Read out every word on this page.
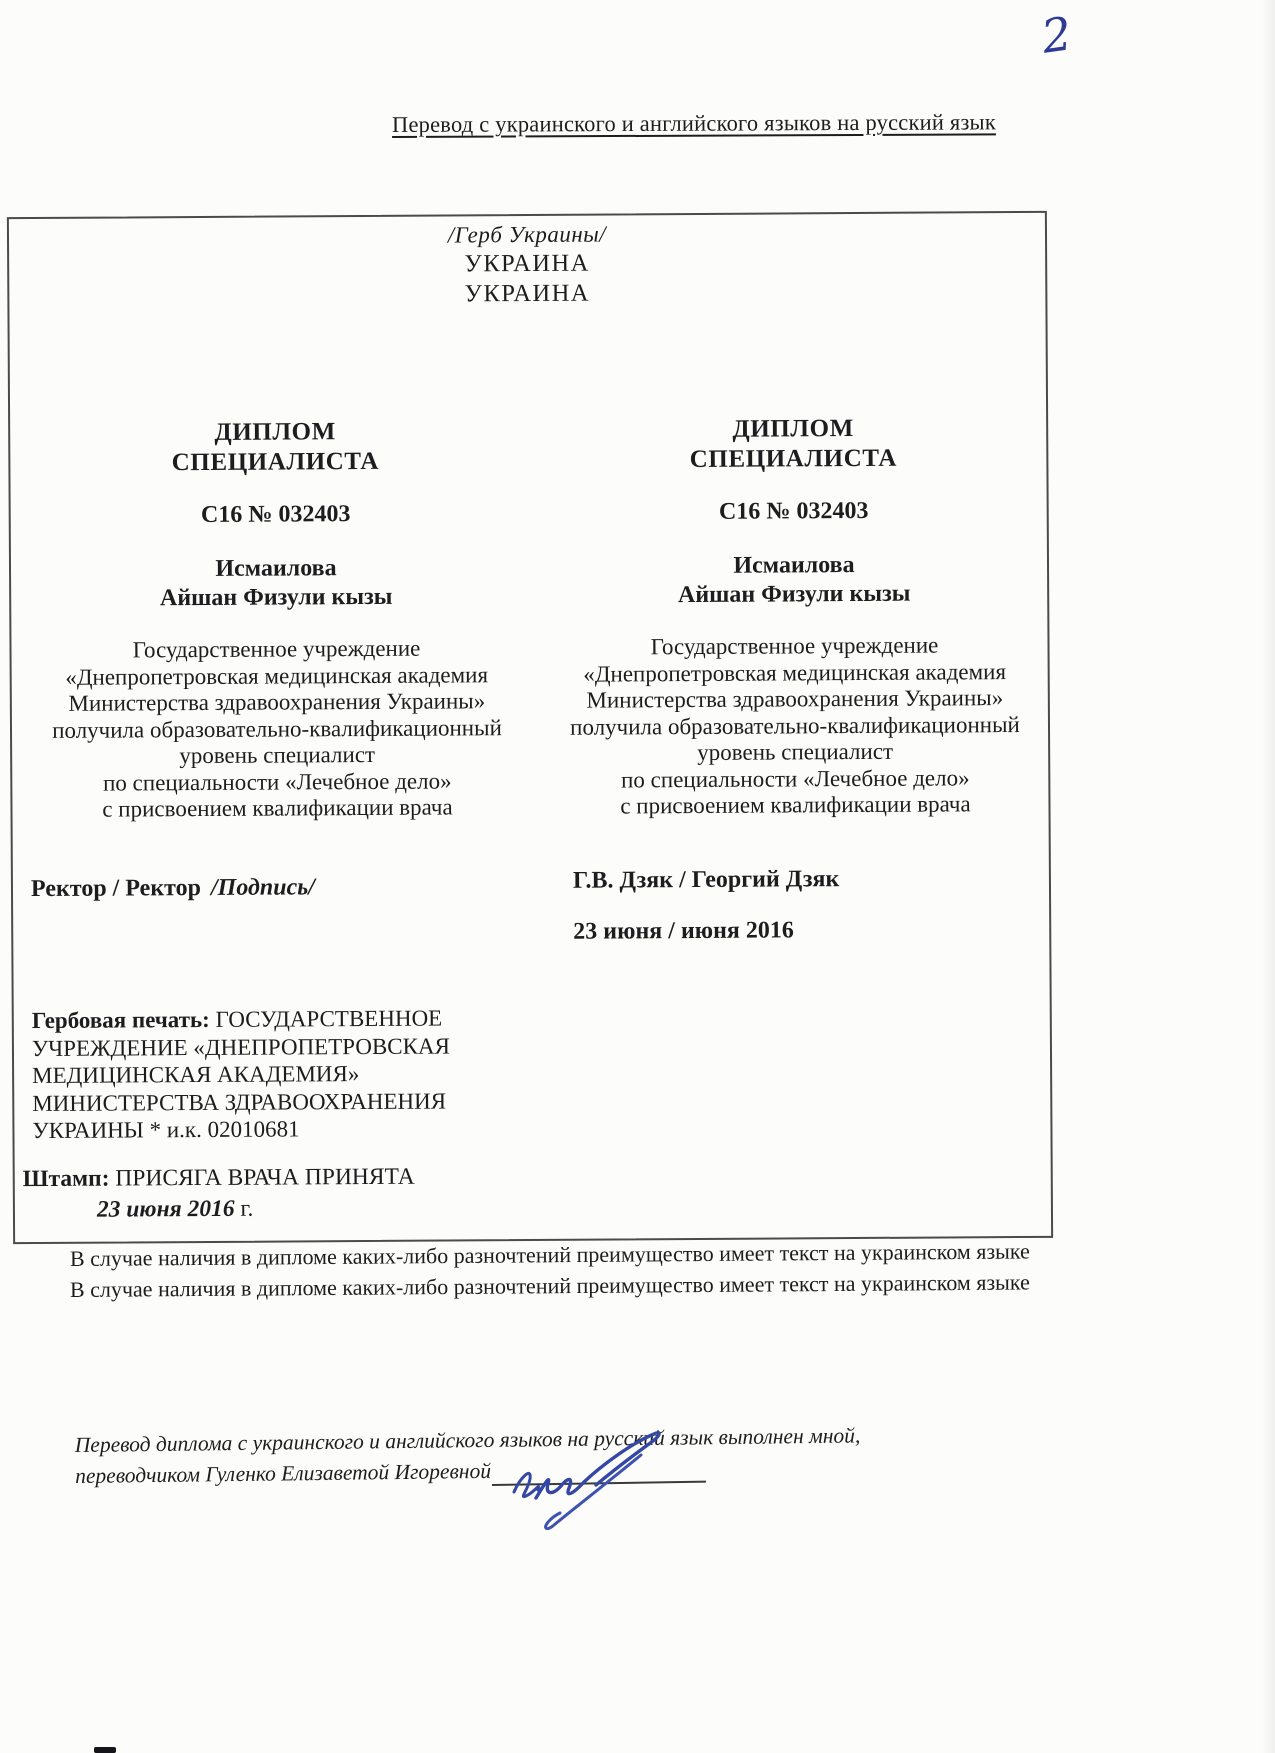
2
Перевод с украинского и английского языков на русский язык
/Герб Украины/
УКРАИНА
УКРАИНА
ДИПЛОМ
СПЕЦИАЛИСТА
С16 № 032403
Исмаилова
Айшан Физули кызы
Государственное учреждение
«Днепропетровская медицинская академия
Министерства здравоохранения Украины»
получила образовательно-квалификационный
уровень специалист
по специальности «Лечебное дело»
с присвоением квалификации врача
Ректор / Ректор /Подпись/
ДИПЛОМ
СПЕЦИАЛИСТА
С16 № 032403
Исмаилова
Айшан Физули кызы
Государственное учреждение
«Днепропетровская медицинская академия
Министерства здравоохранения Украины»
получила образовательно-квалификационный
уровень специалист
по специальности «Лечебное дело»
с присвоением квалификации врача
Г.В. Дзяк / Георгий Дзяк
23 июня / июня 2016
Гербовая печать: ГОСУДАРСТВЕННОЕ УЧРЕЖДЕНИЕ «ДНЕПРОПЕТРОВСКАЯ МЕДИЦИНСКАЯ АКАДЕМИЯ» МИНИСТЕРСТВА ЗДРАВООХРАНЕНИЯ УКРАИНЫ * и.к. 02010681
Штамп: ПРИСЯГА ВРАЧА ПРИНЯТА
23 июня 2016 г.
В случае наличия в дипломе каких-либо разночтений преимущество имеет текст на украинском языке
В случае наличия в дипломе каких-либо разночтений преимущество имеет текст на украинском языке
Перевод диплома с украинского и английского языков на русский язык выполнен мной,
переводчиком Гуленко Елизаветой Игоревной
